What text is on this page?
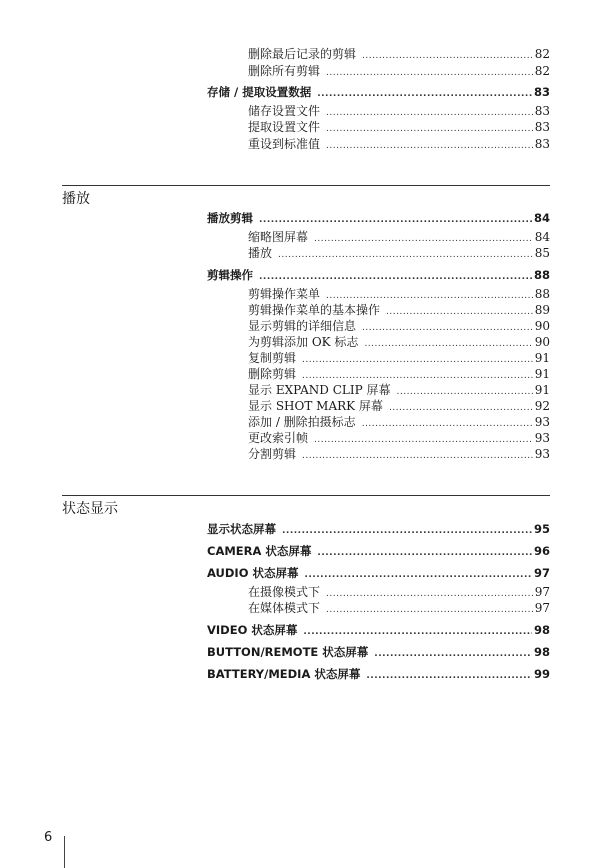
删除最后记录的剪辑 .....	82
删除所有剪辑 .....	82
存储 / 提取设置数据 .....	83
储存设置文件 .....	83
提取设置文件 .....	83
重设到标准值 .....	83
播放
播放剪辑 .....	84
缩略图屏幕 .....	84
播放 .....	85
剪辑操作 .....	88
剪辑操作菜单 .....	88
剪辑操作菜单的基本操作 .....	89
显示剪辑的详细信息 .....	90
为剪辑添加 OK 标志 .....	90
复制剪辑 .....	91
删除剪辑 .....	91
显示 EXPAND CLIP 屏幕 .....	91
显示 SHOT MARK 屏幕 .....	92
添加 / 删除拍摄标志 .....	93
更改索引帧 .....	93
分割剪辑 .....	93
状态显示
显示状态屏幕 .....	95
CAMERA 状态屏幕 .....	96
AUDIO 状态屏幕 .....	97
在摄像模式下 .....	97
在媒体模式下 .....	97
VIDEO 状态屏幕 .....	98
BUTTON/REMOTE 状态屏幕 .....	98
BATTERY/MEDIA 状态屏幕 .....	99
6
